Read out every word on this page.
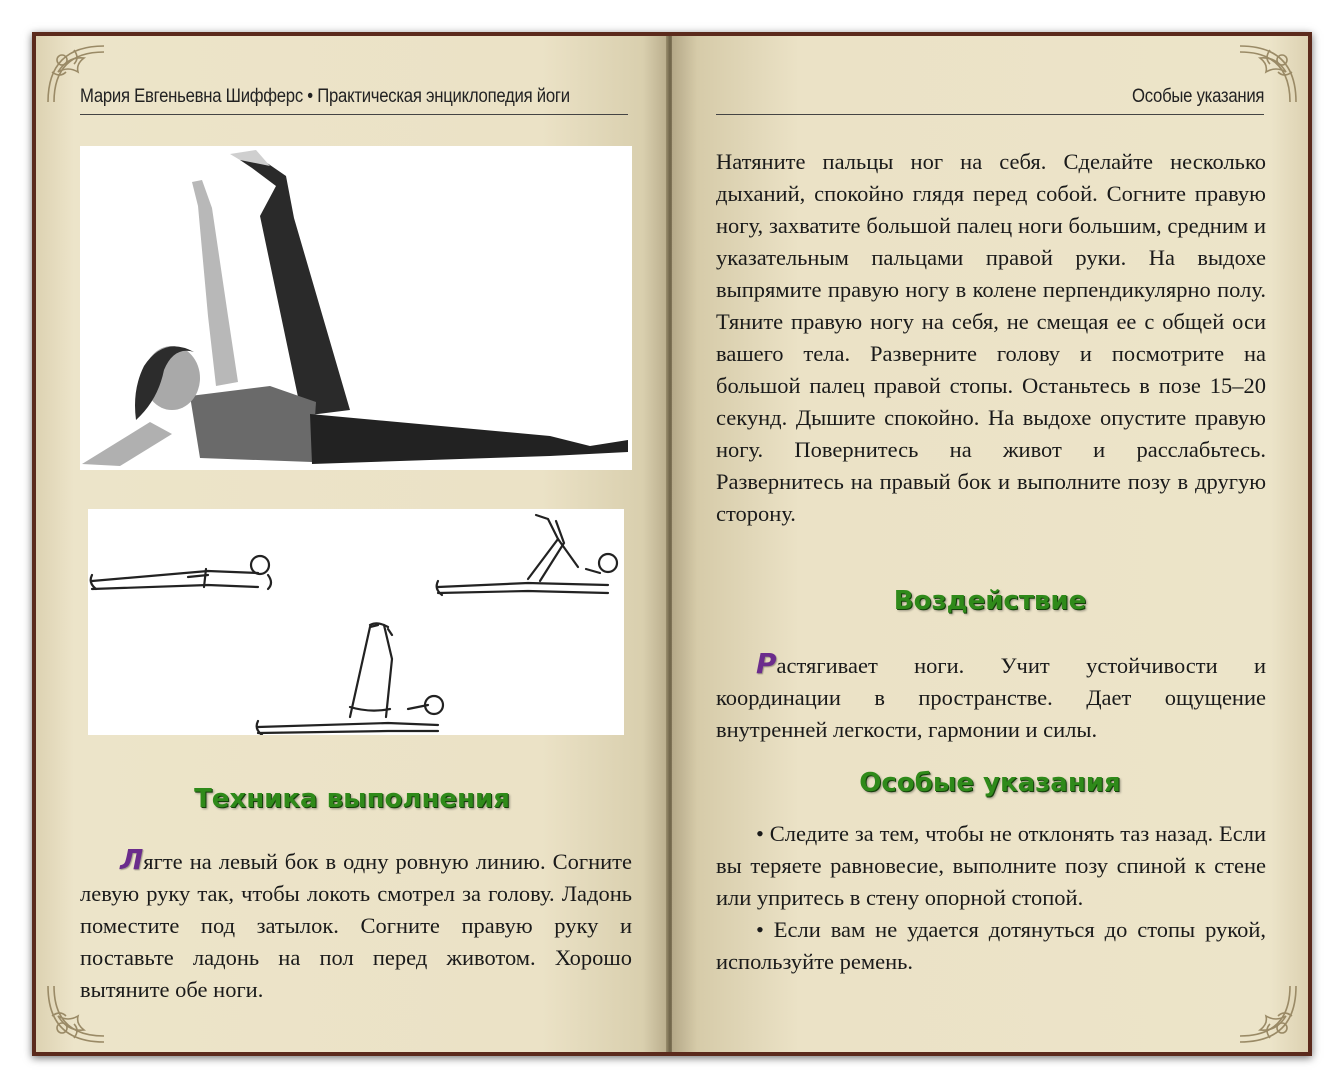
Мария Евгеньевна Шифферс • Практическая энциклопедия йоги
Техника выполнения
Лягте на левый бок в одну ровную линию. Согните левую руку так, чтобы локоть смотрел за голову. Ладонь поместите под затылок. Согните правую руку и поставьте ладонь на пол перед животом. Хорошо вытяните обе ноги.
Особые указания
Натяните пальцы ног на себя. Сделайте несколько дыханий, спокойно глядя перед собой. Согните правую ногу, захватите большой палец ноги большим, средним и указательным пальцами правой руки. На выдохе выпрямите правую ногу в колене перпендикулярно полу. Тяните правую ногу на себя, не смещая ее с общей оси вашего тела. Разверните голову и посмотрите на большой палец правой стопы. Останьтесь в позе 15–20 секунд. Дышите спокойно. На выдохе опустите правую ногу. Повернитесь на живот и расслабьтесь. Развернитесь на правый бок и выполните позу в другую сторону.
Воздействие
Растягивает ноги. Учит устойчивости и координации в пространстве. Дает ощущение внутренней легкости, гармонии и силы.
Особые указания

• Следите за тем, чтобы не отклонять таз назад. Если вы теряете равновесие, выполните позу спиной к стене или упритесь в стену опорной стопой.

• Если вам не удается дотянуться до стопы рукой, используйте ремень.
